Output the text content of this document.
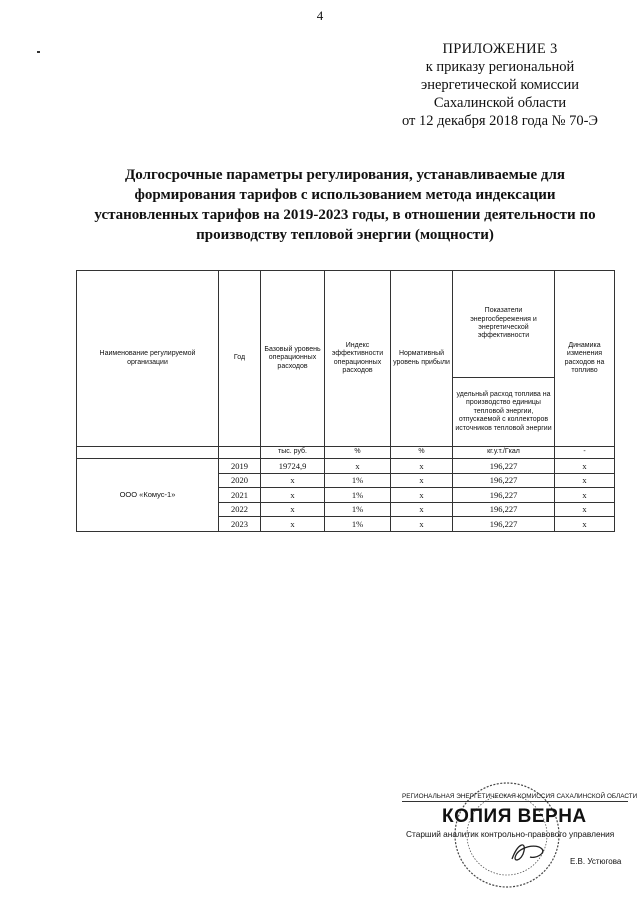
4
ПРИЛОЖЕНИЕ 3
к приказу региональной
энергетической комиссии
Сахалинской области
от 12 декабря 2018 года № 70-Э
Долгосрочные параметры регулирования, устанавливаемые для
формирования тарифов с использованием метода индексации
установленных тарифов на 2019-2023 годы, в отношении деятельности по
производству тепловой энергии (мощности)
Наименование регулируемой организации	Год	Базовый уровень операционных расходов	Индекс эффективности операционных расходов	Нормативный уровень прибыли	Показатели энергосбережения и энергетической эффективности	Динамика изменения расходов на топливо
					удельный расход топлива на производство единицы тепловой энергии, отпускаемой с коллекторов источников тепловой энергии	
		тыс. руб.	%	%	кг.у.т./Гкал	-
ООО «Комус-1»	2019	19724,9	х	х	196,227	х
	2020	х	1%	х	196,227	х
	2021	х	1%	х	196,227	х
	2022	х	1%	х	196,227	х
	2023	х	1%	х	196,227	х
РЕГИОНАЛЬНАЯ ЭНЕРГЕТИЧЕСКАЯ КОМИССИЯ САХАЛИНСКОЙ ОБЛАСТИ
КОПИЯ ВЕРНА
Старший аналитик контрольно-правового управления
Е.В. Устюгова
